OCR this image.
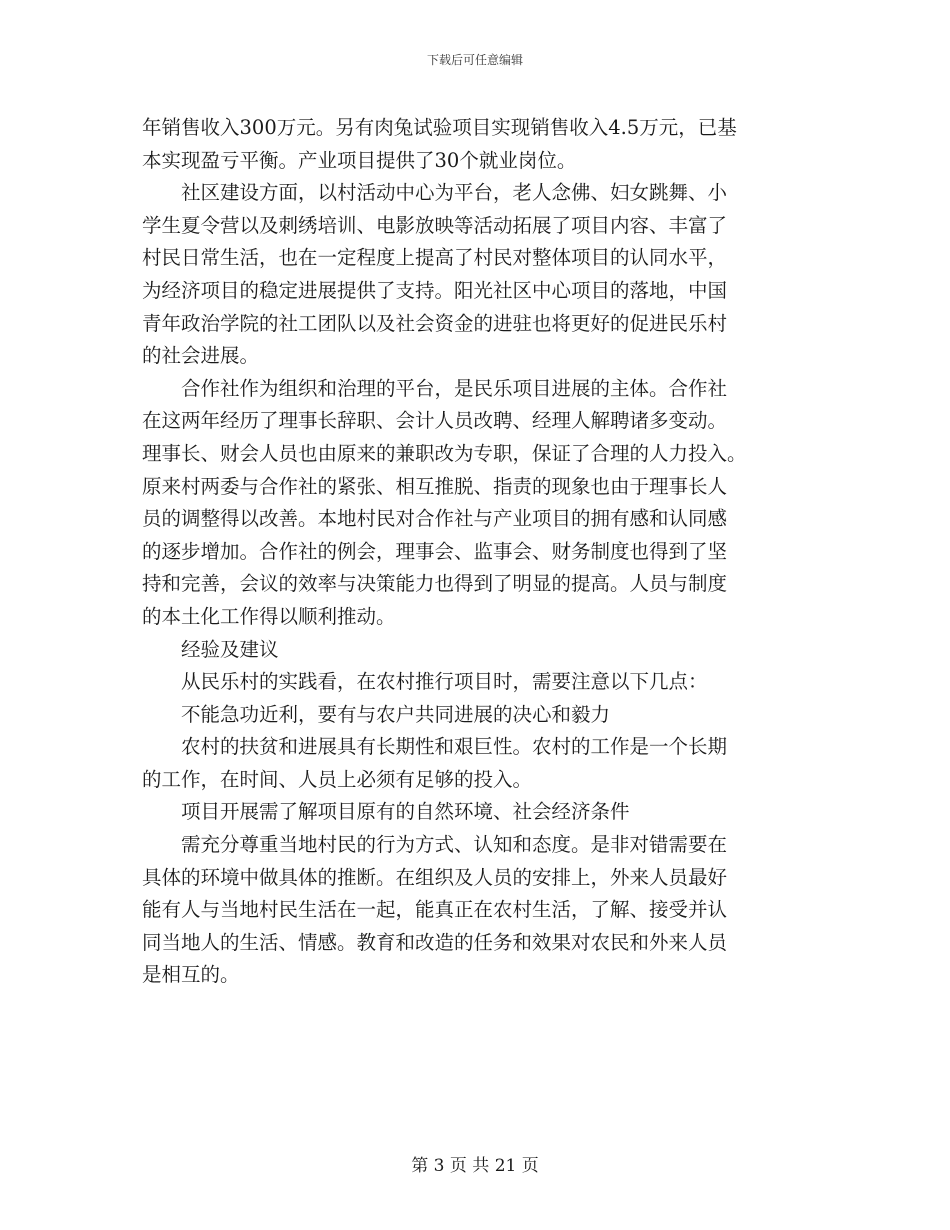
下载后可任意编辑
年销售收入300万元。另有肉兔试验项目实现销售收入4.5万元，已基
本实现盈亏平衡。产业项目提供了30个就业岗位。
　　社区建设方面，以村活动中心为平台，老人念佛、妇女跳舞、小
学生夏令营以及刺绣培训、电影放映等活动拓展了项目内容、丰富了
村民日常生活，也在一定程度上提高了村民对整体项目的认同水平，
为经济项目的稳定进展提供了支持。阳光社区中心项目的落地，中国
青年政治学院的社工团队以及社会资金的进驻也将更好的促进民乐村
的社会进展。
　　合作社作为组织和治理的平台，是民乐项目进展的主体。合作社
在这两年经历了理事长辞职、会计人员改聘、经理人解聘诸多变动。
理事长、财会人员也由原来的兼职改为专职，保证了合理的人力投入。
原来村两委与合作社的紧张、相互推脱、指责的现象也由于理事长人
员的调整得以改善。本地村民对合作社与产业项目的拥有感和认同感
的逐步增加。合作社的例会，理事会、监事会、财务制度也得到了坚
持和完善，会议的效率与决策能力也得到了明显的提高。人员与制度
的本土化工作得以顺利推动。
　　经验及建议
　　从民乐村的实践看，在农村推行项目时，需要注意以下几点：
　　不能急功近利，要有与农户共同进展的决心和毅力
　　农村的扶贫和进展具有长期性和艰巨性。农村的工作是一个长期
的工作，在时间、人员上必须有足够的投入。
　　项目开展需了解项目原有的自然环境、社会经济条件
　　需充分尊重当地村民的行为方式、认知和态度。是非对错需要在
具体的环境中做具体的推断。在组织及人员的安排上，外来人员最好
能有人与当地村民生活在一起，能真正在农村生活，了解、接受并认
同当地人的生活、情感。教育和改造的任务和效果对农民和外来人员
是相互的。
第 3 页 共 21 页
